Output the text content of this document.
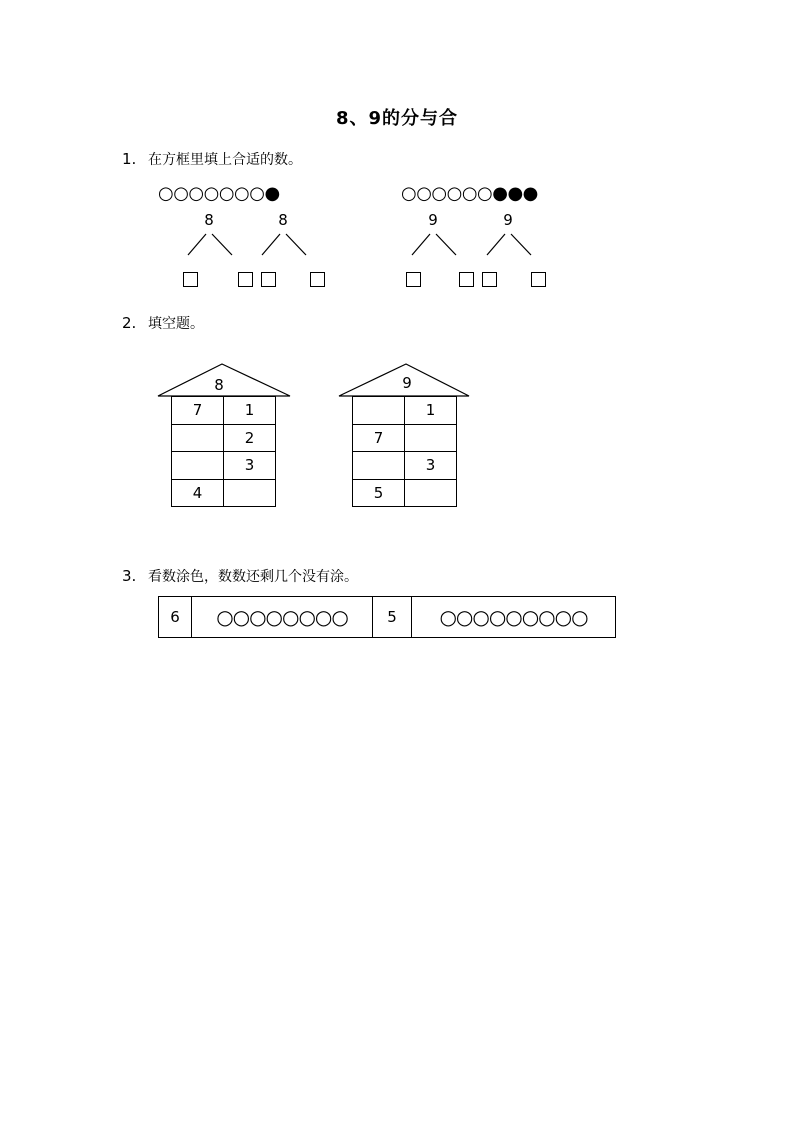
8、9的分与合
1. 在方框里填上合适的数。
○○○○○○○●	○○○○○○●●●
8	8	9	9
2. 填空题。
8	9
7	1
	2
	3
4	
	1
7	
	3
5	
3. 看数涂色，数数还剩几个没有涂。
6	○○○○○○○○	5	○○○○○○○○○
